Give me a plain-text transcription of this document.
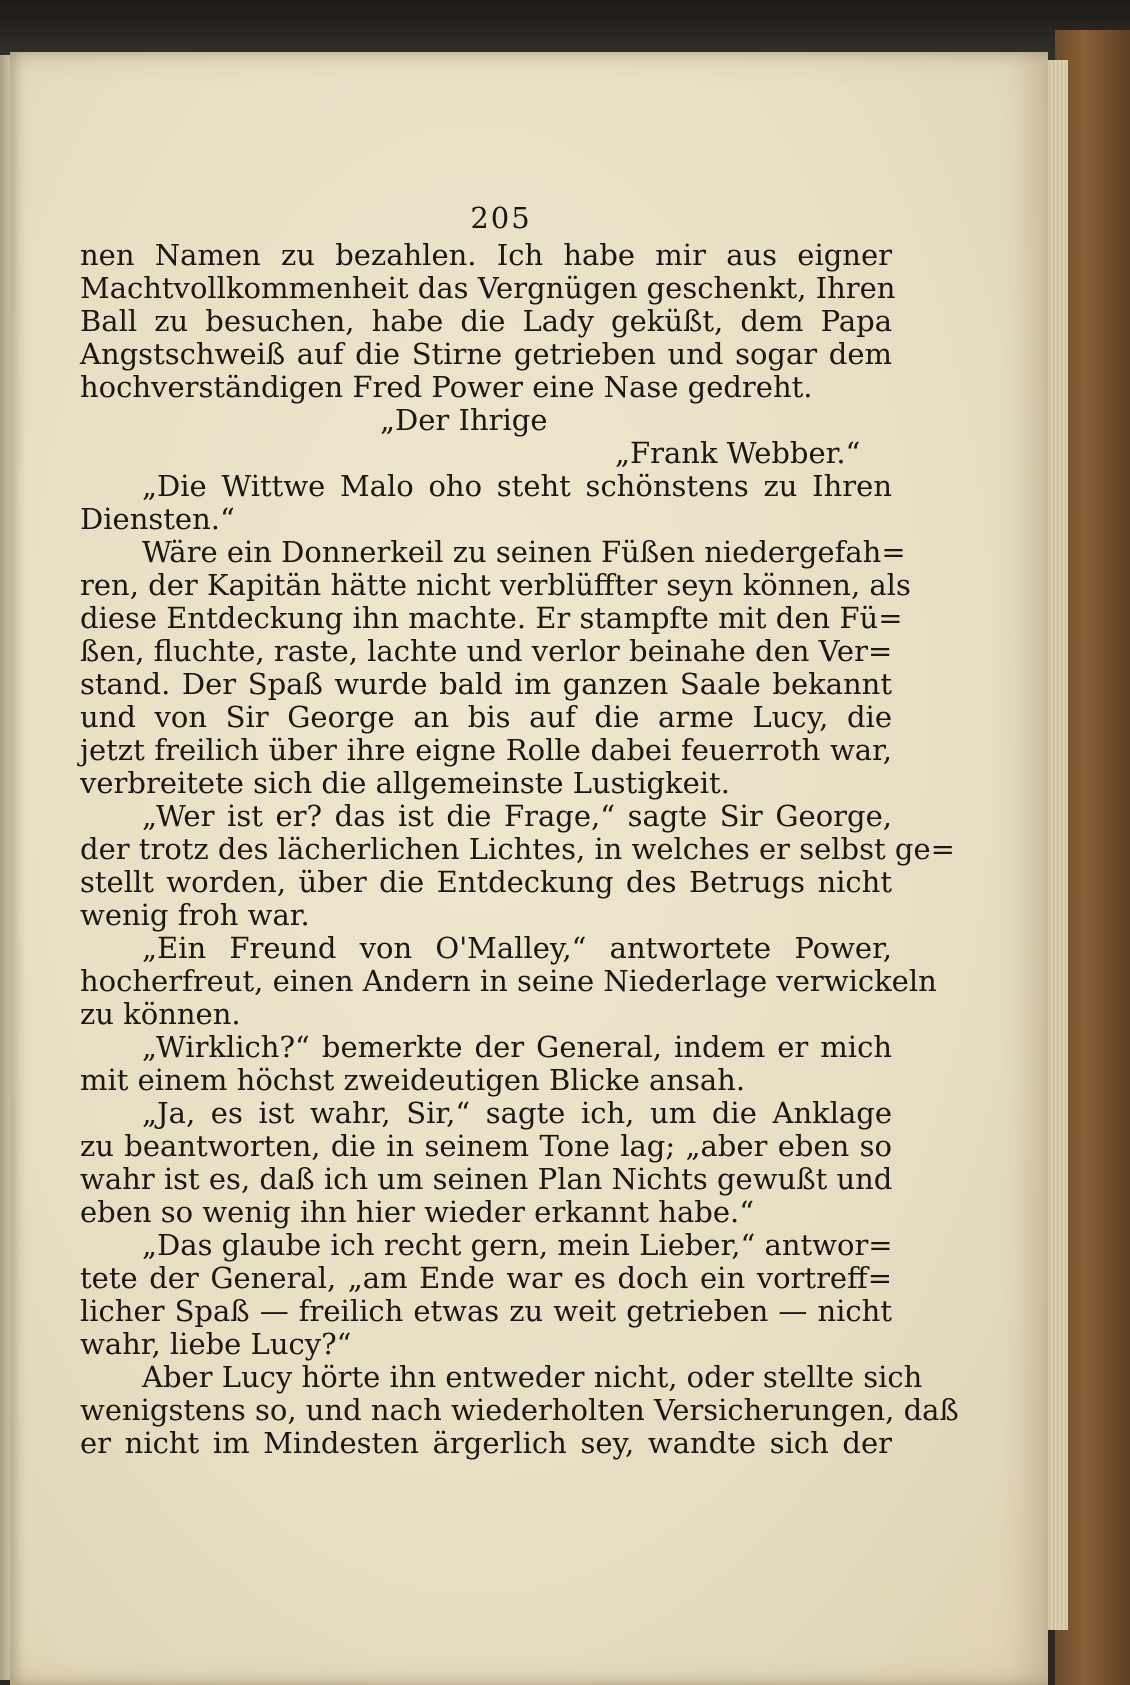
205
nen Namen zu bezahlen. Ich habe mir aus eigner
Machtvollkommenheit das Vergnügen geschenkt, Ihren
Ball zu besuchen, habe die Lady geküßt, dem Papa
Angstschweiß auf die Stirne getrieben und sogar dem
hochverständigen Fred Power eine Nase gedreht.
„Der Ihrige
„Frank Webber.“
„Die Wittwe Malo oho steht schönstens zu Ihren
Diensten.“
Wäre ein Donnerkeil zu seinen Füßen niedergefah=
ren, der Kapitän hätte nicht verblüffter seyn können, als
diese Entdeckung ihn machte. Er stampfte mit den Fü=
ßen, fluchte, raste, lachte und verlor beinahe den Ver=
stand. Der Spaß wurde bald im ganzen Saale bekannt
und von Sir George an bis auf die arme Lucy, die
jetzt freilich über ihre eigne Rolle dabei feuerroth war,
verbreitete sich die allgemeinste Lustigkeit.
„Wer ist er? das ist die Frage,“ sagte Sir George,
der trotz des lächerlichen Lichtes, in welches er selbst ge=
stellt worden, über die Entdeckung des Betrugs nicht
wenig froh war.
„Ein Freund von O'Malley,“ antwortete Power,
hocherfreut, einen Andern in seine Niederlage verwickeln
zu können.
„Wirklich?“ bemerkte der General, indem er mich
mit einem höchst zweideutigen Blicke ansah.
„Ja, es ist wahr, Sir,“ sagte ich, um die Anklage
zu beantworten, die in seinem Tone lag; „aber eben so
wahr ist es, daß ich um seinen Plan Nichts gewußt und
eben so wenig ihn hier wieder erkannt habe.“
„Das glaube ich recht gern, mein Lieber,“ antwor=
tete der General, „am Ende war es doch ein vortreff=
licher Spaß — freilich etwas zu weit getrieben — nicht
wahr, liebe Lucy?“
Aber Lucy hörte ihn entweder nicht, oder stellte sich
wenigstens so, und nach wiederholten Versicherungen, daß
er nicht im Mindesten ärgerlich sey, wandte sich der
